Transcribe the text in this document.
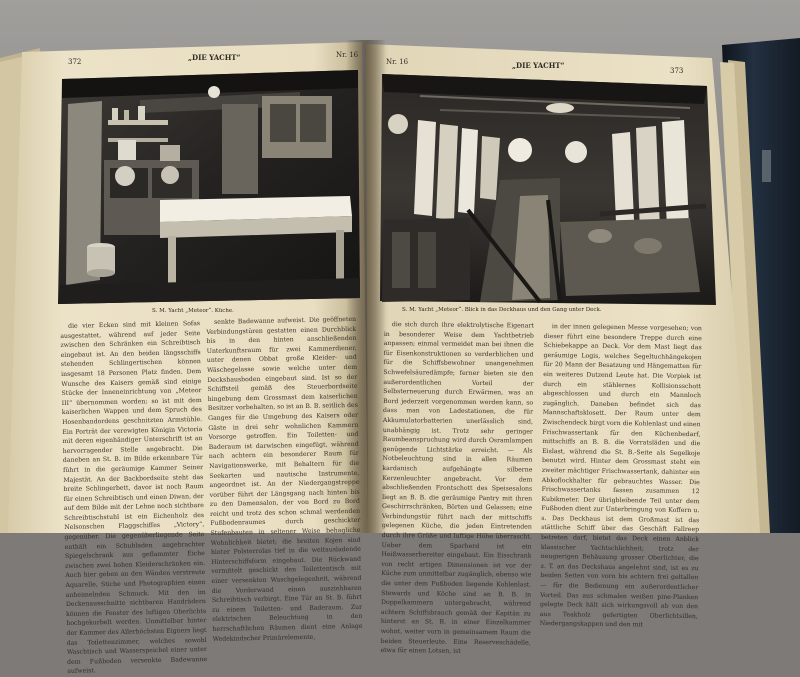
S. M. Yacht „Meteor“. Küche.	S. M. Yacht „Meteor“. Blick in das Deckhaus und den Gang unter Deck.
372	„DIE YACHT“	Nr. 16
Nr. 16	„DIE YACHT“
373

die vier Ecken sind mit kleinen Sofas ausgestattet, während auf jeder Seite zwischen den Schränken ein Schreibtisch eingebaut ist. An den beiden längsschiffs stehenden Schlingertischen können insgesamt 18 Personen Platz finden. Dem Wunsche des Kaisers gemäß sind einige Stücke der Inneneinrichtung von „Meteor III“ übernommen worden; so ist mit dem kaiserlichen Wappen und dem Spruch des Hosenbandordens geschnitzten Armstühle. Ein Porträt der verewigten Königin Victoria mit deren eigenhändiger Unterschrift ist an hervorragender Stelle angebracht. Die daneben an St. B. im Bilde erkennbare Tür führt in die geräumige Kammer Seiner Majestät. An der Backbordseite steht das breite Schlingerbett, davor ist noch Raum für einen Schreibtisch und einen Diwan, der auf dem Bilde mit der Lehne noch sichtbare Schreibtischstuhl ist ein Eichenholz des Nelsonschen Flaggschiffes „Victory“, gegenüber. Die gegenüberliegende Seite enthält ein Schubladen angebrachter Spiegelschrank aus geflammter Eiche zwischen zwei hohen Kleiderschränken ein. Auch hier geben an den Wänden verstreute Aquarelle, Stiche und Photographien einen anheimelnden Schmuck. Mit den im Deckenausschnitte sichtbaren Handrädern können die Fenster des luftigen Oberlichts hochgekurbelt werden. Unmittelbar hinter der Kammer des Allerhöchsten Eigners liegt das Toilettenzimmer, welches sowohl Waschtisch und Wasserspeichel einer unter dem Fußboden versenkte Badewanne aufweist.

senkte Badewanne aufweist. Die geöffneten Verbindungstüren gestatten einen Durchblick bis in den hinten anschließenden Unterkunftsraum für zwei Kammerdiener, unter denen Obbat große Kleider- und Wäschegelasse sowie welche unter dem Deckshausboden eingebaut sind. Ist so der Schiffsteil gemäß des Steuerbordseite hingebung dem Grossmast dem kaiserlichen Besitzer vorbehalten, so ist an B. B. seitlich des Ganges für die Umgebung des Kaisers oder Gäste in drei sehr wohnlichen Kammern Vorsorge getroffen. Ein Toiletten- und Baderaum ist darwischen eingefügt, während nach achtern ein besonderer Raum für Navigationswerke, mit Behaltern für die Seekarten und nautische Instrumente, angeordnet ist. An der Niedergangstreppe vorüber führt der Längsgang nach hinten bis zu den Damensalon, der von Bord zu Bord reicht und trotz des schon schmal werdenden Fußbodenraumes durch geschickter Stufenbauten in seltener Weise behagliche Wohnlichkeit bietet; die breiten Kojen sind hinter Polsterrolas tief in die weitausladende Hinterschiffsform eingebaut. Die Rückwand vermittelt geschickt den Toilettentisch mit einer versenkten Waschgelegenheit, während die Vorderwand einen ausziehbaren Schreibtisch verbirgt. Eine Tür an St. B. führt zu einem Toiletten- und Baderaum. Zur elektrischen Beleuchtung in den herrschaftlichen Räumen dient eine Anlage Wedekindscher Primärelemente,

die sich durch ihre elektrolytische Eigenart in besonderer Weise dem Yachtbetrieb anpassen; einmal vermeidet man bei ihnen die für Eisenkonstruktionen so verderblichen und für die Schiffsbewohner unangenehmen Schwefelsäuredämpfe; ferner bieten sie den außerordentlichen Vorteil der Selbsterneuerung durch Erwärmen, was an Bord jederzeit vorgenommen werden kann, so dass man von Ladestationen, die für Akkumulatorbatterien unerlässlich sind, unabhängig ist. Trotz sehr geringer Raumbeanspruchung wird durch Osramlampen genügende Lichtstärke erreicht. — Als Notbeleuchtung sind in allen Räumen kardanisch aufgehängte silberne Kerzenleuchter angebracht. Vor dem abschließenden Frontschott des Speisesalons liegt an B. B. die geräumige Pantry mit ihren Geschirrschränken, Börten und Gelassen; eine Verbindungstür führt nach der mittschiffs gelegenen Küche, die jeden Eintretenden durch ihre Größe und luftige Höhe überrascht. Ueber dem Sparherd ist ein Heißwasserbereiter eingebaut. Ein Eisschrank von recht artigen Dimensionen ist vor der Küche zum unmittelbar zugänglich, ebenso wie die unter dem Fußboden liegende Kohlenlast. Stewards und Köche sind an B. B. in Doppelkammern untergebracht, während achtern Schiffsbrauch gemäß der Kapitän zu hinterst an St. B. in einer Einzelkammer wohnt, weiter vorn in gemeinsamem Raum die beiden Steuerleute. Eine Reserveschädelle, etwa für einen Lotsen, ist

in der innen gelegenen Messe vorgesehen; von dieser führt eine besondere Treppe durch eine Schiebekappe an Deck. Vor dem Mast liegt das geräumige Logis, welches Segeltuchhängekojen für 20 Mann der Besatzung und Hängematten für ein weiteres Dutzend Leute hat. Die Vorpiek ist durch ein stählernes Kollisionsschott abgeschlossen und durch ein Mannloch zugänglich. Daneben befindet sich das Mannschaftsklosett. Der Raum unter dem Zwischendeck birgt vorn die Kohlenlast und einen Frischwassertank für den Küchenbedarf, mittschiffs an B. B. die Vorratsläden und die Eislast, während die St. B.-Seite als Segelkoje benutzt wird. Hinter dem Grossmast steht ein zweiter mächtiger Frischwassertank, dahinter ein Abkoflockhalter für gebrauchtes Wasser. Die Frischwassertanks fassen zusammen 12 Kubikmeter. Der übrigbleibende Teil unter dem Fußboden dient zur Unterbringung von Koffern u. s. Das Deckhaus ist dem Großmast ist das stättliche Schiff über das Geschäft Fallreep betreten darf, bietet das Deck einen Anblick klassischer Yachtschlichheit; trotz der neugierigen Behäusung grosser Oberlichter, die z. T. an das Deckshaus angelehnt sind, ist es zu beiden Seiten von vorn bis achtern frei geltallen — für die Bedienung ein außerordentlicher Vorteil. Das aus schmalen weißen pine-Planken gelegte Deck hält sich wirkungsvoll ab von den aus Teakholz gefertigten Oberlichtsillen, Niedergangskappen und den mit
